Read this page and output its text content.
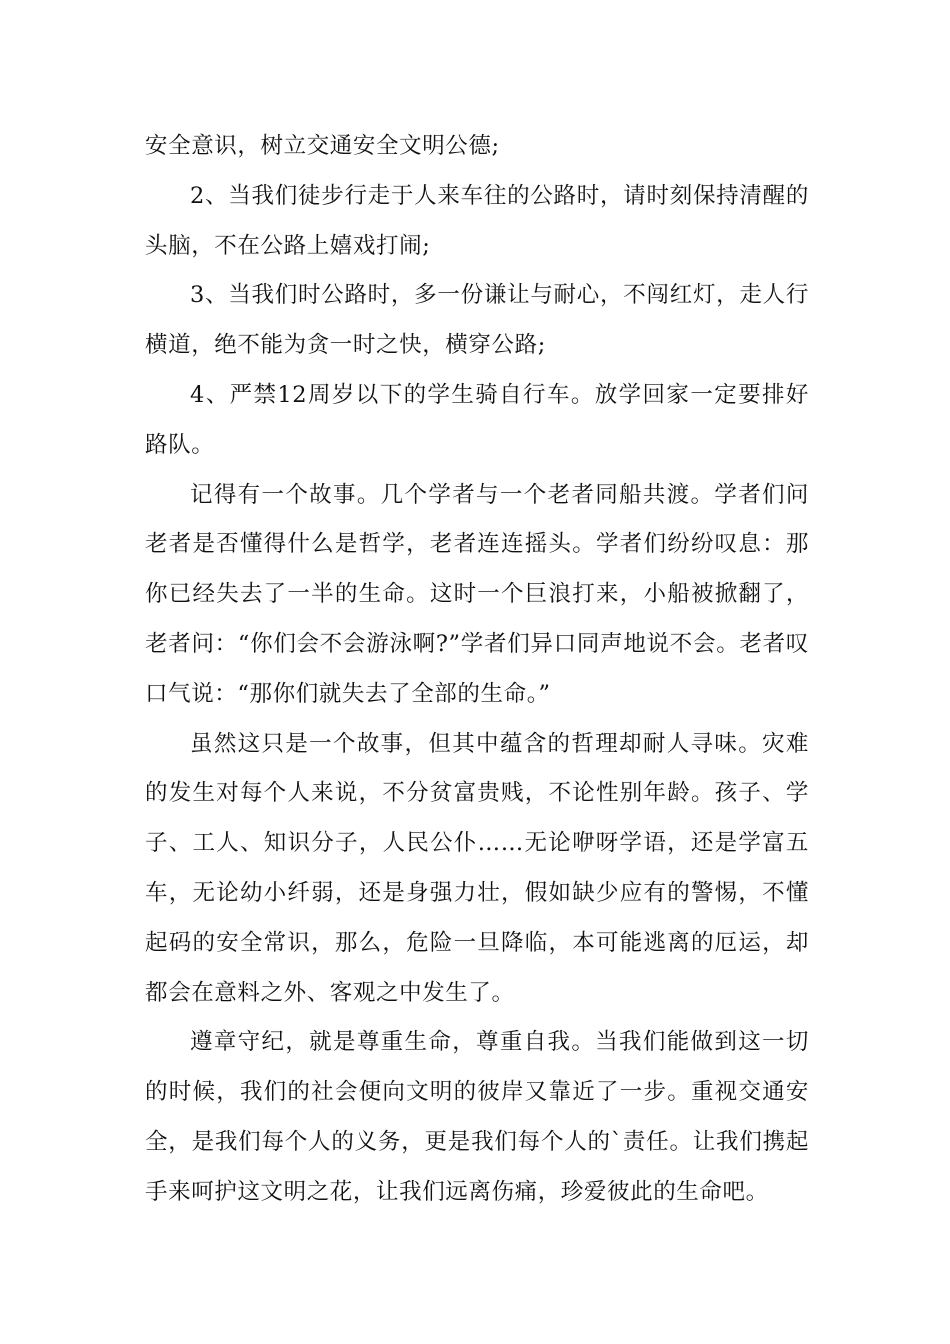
安全意识，树立交通安全文明公德;

2、当我们徒步行走于人来车往的公路时，请时刻保持清醒的头脑，不在公路上嬉戏打闹;

3、当我们时公路时，多一份谦让与耐心，不闯红灯，走人行横道，绝不能为贪一时之快，横穿公路;

4、严禁12周岁以下的学生骑自行车。放学回家一定要排好路队。

记得有一个故事。几个学者与一个老者同船共渡。学者们问老者是否懂得什么是哲学，老者连连摇头。学者们纷纷叹息：那你已经失去了一半的生命。这时一个巨浪打来，小船被掀翻了，老者问：“你们会不会游泳啊?”学者们异口同声地说不会。老者叹口气说：“那你们就失去了全部的生命。”

虽然这只是一个故事，但其中蕴含的哲理却耐人寻味。灾难的发生对每个人来说，不分贫富贵贱，不论性别年龄。孩子、学子、工人、知识分子，人民公仆……无论咿呀学语，还是学富五车，无论幼小纤弱，还是身强力壮，假如缺少应有的警惕，不懂起码的安全常识，那么，危险一旦降临，本可能逃离的厄运，却都会在意料之外、客观之中发生了。

遵章守纪，就是尊重生命，尊重自我。当我们能做到这一切的时候，我们的社会便向文明的彼岸又靠近了一步。重视交通安全，是我们每个人的义务，更是我们每个人的`责任。让我们携起手来呵护这文明之花，让我们远离伤痛，珍爱彼此的生命吧。
